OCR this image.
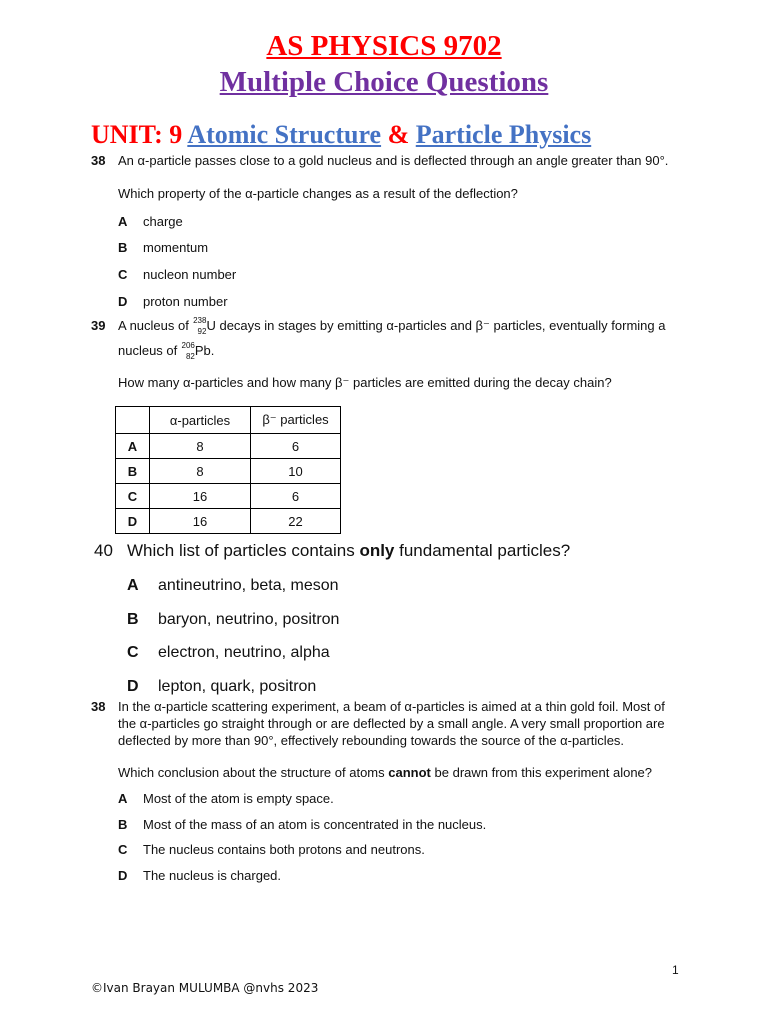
AS PHYSICS 9702
Multiple Choice Questions
UNIT: 9 Atomic Structure & Particle Physics
38 An α-particle passes close to a gold nucleus and is deflected through an angle greater than 90°.
Which property of the α-particle changes as a result of the deflection?
A charge
B momentum
C nucleon number
D proton number
39 A nucleus of 238
92 U decays in stages by emitting α-particles and β⁻ particles, eventually forming a
nucleus of 206
82 Pb.
How many α-particles and how many β⁻ particles are emitted during the decay chain?
	α-particles	β⁻ particles
A	8	6
B	8	10
C	16	6
D	16	22
40 Which list of particles contains only fundamental particles?
A antineutrino, beta, meson
B baryon, neutrino, positron
C electron, neutrino, alpha
D lepton, quark, positron
38 In the α-particle scattering experiment, a beam of α-particles is aimed at a thin gold foil. Most of
the α-particles go straight through or are deflected by a small angle. A very small proportion are
deflected by more than 90°, effectively rebounding towards the source of the α-particles.
Which conclusion about the structure of atoms cannot be drawn from this experiment alone?
A Most of the atom is empty space.
B Most of the mass of an atom is concentrated in the nucleus.
C The nucleus contains both protons and neutrons.
D The nucleus is charged.
1
©Ivan Brayan MULUMBA @nvhs 2023
